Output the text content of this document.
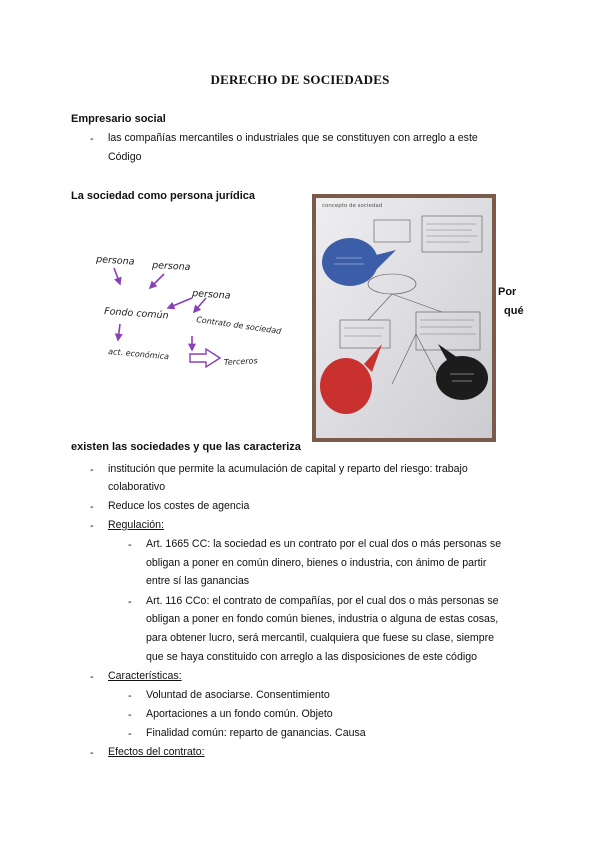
DERECHO DE SOCIEDADES
Empresario social
- las compañías mercantiles o industriales que se constituyen con arreglo a este
Código
La sociedad como persona jurídica
persona persona
persona
Fondo común
Contrato de sociedad
act. económica
Terceros
concepto de sociedad
Por
qué
existen las sociedades y que las caracteriza
- institución que permite la acumulación de capital y reparto del riesgo: trabajo
colaborativo
- Reduce los costes de agencia
- Regulación:
- Art. 1665 CC: la sociedad es un contrato por el cual dos o más personas se
obligan a poner en común dinero, bienes o industria, con ánimo de partir
entre sí las ganancias
- Art. 116 CCo: el contrato de compañías, por el cual dos o más personas se
obligan a poner en fondo común bienes, industria o alguna de estas cosas,
para obtener lucro, será mercantil, cualquiera que fuese su clase, siempre
que se haya constituido con arreglo a las disposiciones de este código
- Características:
- Voluntad de asociarse. Consentimiento
- Aportaciones a un fondo común. Objeto
- Finalidad común: reparto de ganancias. Causa
- Efectos del contrato:
